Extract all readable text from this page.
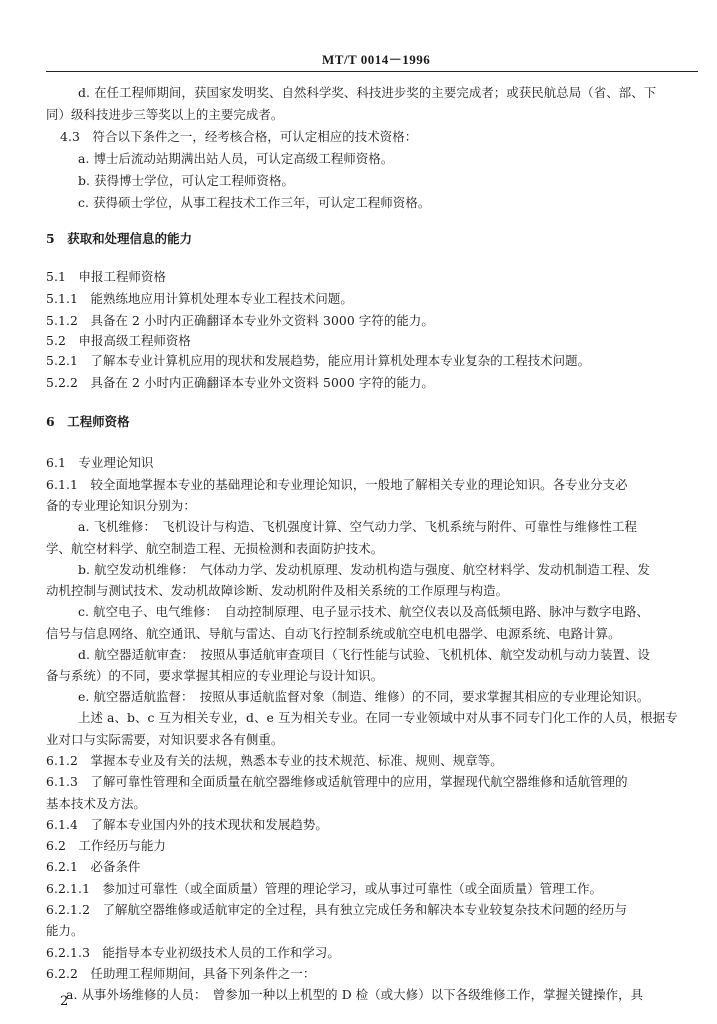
MT/T 0014－1996
d. 在任工程师期间，获国家发明奖、自然科学奖、科技进步奖的主要完成者；或获民航总局（省、部、下
同）级科技进步三等奖以上的主要完成者。
4.3　符合以下条件之一，经考核合格，可认定相应的技术资格：
a. 博士后流动站期满出站人员，可认定高级工程师资格。
b. 获得博士学位，可认定工程师资格。
c. 获得硕士学位，从事工程技术工作三年，可认定工程师资格。
5　获取和处理信息的能力
5.1　申报工程师资格
5.1.1　能熟练地应用计算机处理本专业工程技术问题。
5.1.2　具备在 2 小时内正确翻译本专业外文资料 3000 字符的能力。
5.2　申报高级工程师资格
5.2.1　了解本专业计算机应用的现状和发展趋势，能应用计算机处理本专业复杂的工程技术问题。
5.2.2　具备在 2 小时内正确翻译本专业外文资料 5000 字符的能力。
6　工程师资格
6.1　专业理论知识
6.1.1　较全面地掌握本专业的基础理论和专业理论知识，一般地了解相关专业的理论知识。各专业分支必
备的专业理论知识分别为：
a. 飞机维修：　飞机设计与构造、飞机强度计算、空气动力学、飞机系统与附件、可靠性与维修性工程
学、航空材料学、航空制造工程、无损检测和表面防护技术。
b. 航空发动机维修：　气体动力学、发动机原理、发动机构造与强度、航空材料学、发动机制造工程、发
动机控制与测试技术、发动机故障诊断、发动机附件及相关系统的工作原理与构造。
c. 航空电子、电气维修：　自动控制原理、电子显示技术、航空仪表以及高低频电路、脉冲与数字电路、
信号与信息网络、航空通讯、导航与雷达、自动飞行控制系统或航空电机电器学、电源系统、电路计算。
d. 航空器适航审查：　按照从事适航审查项目（飞行性能与试验、飞机机体、航空发动机与动力装置、设
备与系统）的不同，要求掌握其相应的专业理论与设计知识。
e. 航空器适航监督：　按照从事适航监督对象（制造、维修）的不同，要求掌握其相应的专业理论知识。
上述 a、b、c 互为相关专业，d、e 互为相关专业。在同一专业领域中对从事不同专门化工作的人员，根据专
业对口与实际需要，对知识要求各有侧重。
6.1.2　掌握本专业及有关的法规，熟悉本专业的技术规范、标准、规则、规章等。
6.1.3　了解可靠性管理和全面质量在航空器维修或适航管理中的应用，掌握现代航空器维修和适航管理的
基本技术及方法。
6.1.4　了解本专业国内外的技术现状和发展趋势。
6.2　工作经历与能力
6.2.1　必备条件
6.2.1.1　参加过可靠性（或全面质量）管理的理论学习，或从事过可靠性（或全面质量）管理工作。
6.2.1.2　了解航空器维修或适航审定的全过程，具有独立完成任务和解决本专业较复杂技术问题的经历与
能力。
6.2.1.3　能指导本专业初级技术人员的工作和学习。
6.2.2　任助理工程师期间，具备下列条件之一：
a. 从事外场维修的人员：　曾参加一种以上机型的 D 检（或大修）以下各级维修工作，掌握关键操作，具
2
